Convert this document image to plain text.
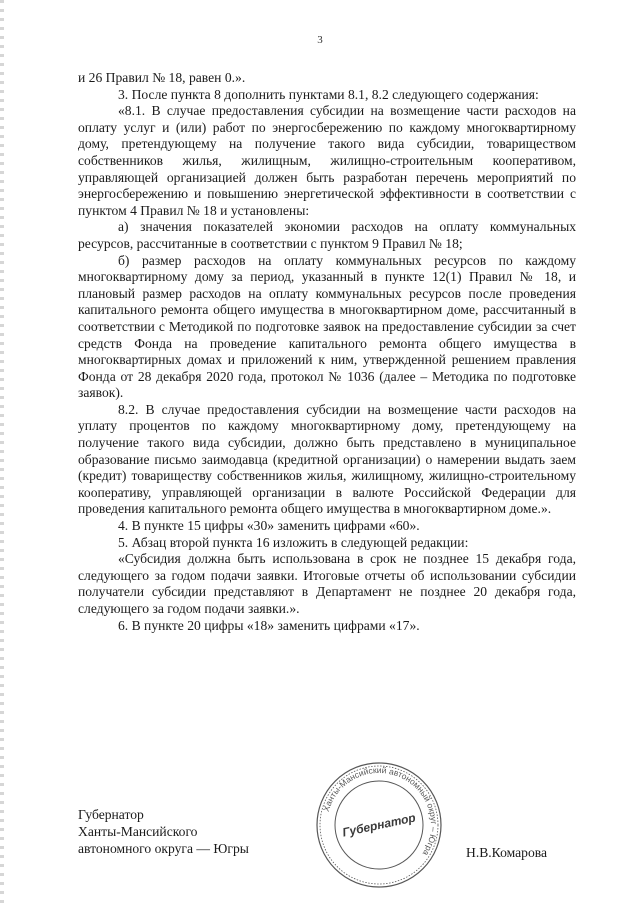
3

и 26 Правил № 18, равен 0.».

3. После пункта 8 дополнить пунктами 8.1, 8.2 следующего содержания:

«8.1. В случае предоставления субсидии на возмещение части расходов на оплату услуг и (или) работ по энергосбережению по каждому многоквартирному дому, претендующему на получение такого вида субсидии, товариществом собственников жилья, жилищным, жилищно-строительным кооперативом, управляющей организацией должен быть разработан перечень мероприятий по энергосбережению и повышению энергетической эффективности в соответствии с пунктом 4 Правил № 18 и установлены:

а) значения показателей экономии расходов на оплату коммунальных ресурсов, рассчитанные в соответствии с пунктом 9 Правил № 18;

б) размер расходов на оплату коммунальных ресурсов по каждому многоквартирному дому за период, указанный в пункте 12(1) Правил № 18, и плановый размер расходов на оплату коммунальных ресурсов после проведения капитального ремонта общего имущества в многоквартирном доме, рассчитанный в соответствии с Методикой по подготовке заявок на предоставление субсидии за счет средств Фонда на проведение капитального ремонта общего имущества в многоквартирных домах и приложений к ним, утвержденной решением правления Фонда от 28 декабря 2020 года, протокол № 1036 (далее – Методика по подготовке заявок).

8.2. В случае предоставления субсидии на возмещение части расходов на уплату процентов по каждому многоквартирному дому, претендующему на получение такого вида субсидии, должно быть представлено в муниципальное образование письмо заимодавца (кредитной организации) о намерении выдать заем (кредит) товариществу собственников жилья, жилищному, жилищно-строительному кооперативу, управляющей организации в валюте Российской Федерации для проведения капитального ремонта общего имущества в многоквартирном доме.».

4. В пункте 15 цифры «30» заменить цифрами «60».

5. Абзац второй пункта 16 изложить в следующей редакции:

«Субсидия должна быть использована в срок не позднее 15 декабря года, следующего за годом подачи заявки. Итоговые отчеты об использовании субсидии получатели субсидии представляют в Департамент не позднее 20 декабря года, следующего за годом подачи заявки.».

6. В пункте 20 цифры «18» заменить цифрами «17».

Ханты-Мансийский автономный округ – Югра
Губернатор
Губернатор
Ханты-Мансийского
автономного округа — Югры	Н.В.Комарова
